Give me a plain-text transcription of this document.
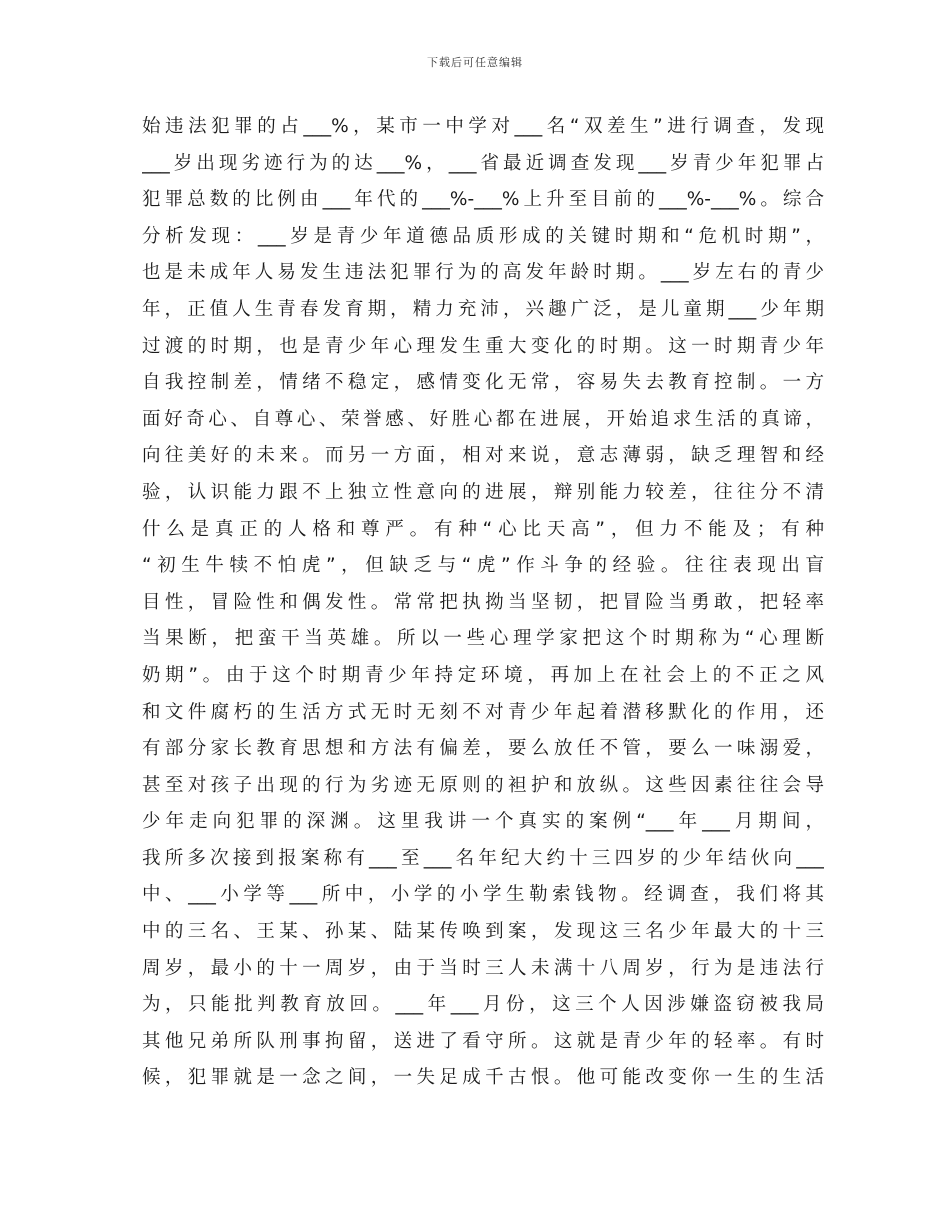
下载后可任意编辑
始违法犯罪的占___%，某市一中学对___名“双差生”进行调查，发现
___岁出现劣迹行为的达___%，___省最近调查发现___岁青少年犯罪占
犯罪总数的比例由___年代的___%-___%上升至目前的___%-___%。综合
分析发现：___岁是青少年道德品质形成的关键时期和“危机时期”，
也是未成年人易发生违法犯罪行为的高发年龄时期。___岁左右的青少
年，正值人生青春发育期，精力充沛，兴趣广泛，是儿童期___少年期
过渡的时期，也是青少年心理发生重大变化的时期。这一时期青少年
自我控制差，情绪不稳定，感情变化无常，容易失去教育控制。一方
面好奇心、自尊心、荣誉感、好胜心都在进展，开始追求生活的真谛，
向往美好的未来。而另一方面，相对来说，意志薄弱，缺乏理智和经
验，认识能力跟不上独立性意向的进展，辩别能力较差，往往分不清
什么是真正的人格和尊严。有种“心比天高”，但力不能及；有种
“初生牛犊不怕虎”，但缺乏与“虎”作斗争的经验。往往表现出盲
目性，冒险性和偶发性。常常把执拗当坚韧，把冒险当勇敢，把轻率
当果断，把蛮干当英雄。所以一些心理学家把这个时期称为“心理断
奶期”。由于这个时期青少年持定环境，再加上在社会上的不正之风
和文件腐朽的生活方式无时无刻不对青少年起着潜移默化的作用，还
有部分家长教育思想和方法有偏差，要么放任不管，要么一味溺爱，
甚至对孩子出现的行为劣迹无原则的袒护和放纵。这些因素往往会导
少年走向犯罪的深渊。这里我讲一个真实的案例“___年___月期间，
我所多次接到报案称有___至___名年纪大约十三四岁的少年结伙向___
中、___小学等___所中，小学的小学生勒索钱物。经调查，我们将其
中的三名、王某、孙某、陆某传唤到案，发现这三名少年最大的十三
周岁，最小的十一周岁，由于当时三人未满十八周岁，行为是违法行
为，只能批判教育放回。___年___月份，这三个人因涉嫌盗窃被我局
其他兄弟所队刑事拘留，送进了看守所。这就是青少年的轻率。有时
候，犯罪就是一念之间，一失足成千古恨。他可能改变你一生的生活
